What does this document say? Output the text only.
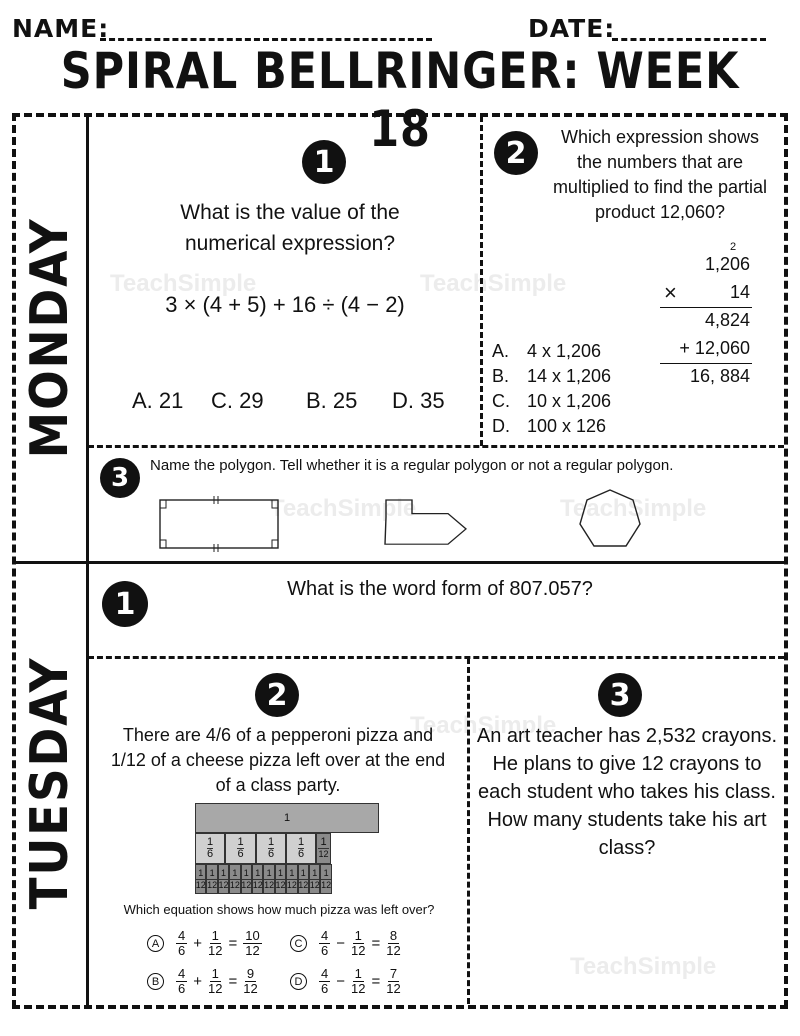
TeachSimple	TeachSimple
TeachSimple	TeachSimple
TeachSimple
TeachSimple
NAME:	DATE:
SPIRAL BELLRINGER: WEEK 18
MONDAY
TUESDAY
1
What is the value of the numerical expression?
3 × (4 + 5) + 16 ÷ (4 − 2)
A. 21 C. 29 B. 25 D. 35
2	Which expression shows the numbers that are multiplied to find the partial product 12,060?
2
1,206
×	14
4,824
+ 12,060
16, 884
A. 4 x 1,206
B. 14 x 1,206
C. 10 x 1,206
D. 100 x 126
3	Name the polygon. Tell whether it is a regular polygon or not a regular polygon.
1	What is the word form of 807.057?
2
There are 4/6 of a pepperoni pizza and 1/12 of a cheese pizza left over at the end of a class party.
1
$\frac{1}{6} \frac{1}{6} \frac{1}{6} \frac{1}{6} 1$
12
$\frac{1}{12} \frac{1}{12} \frac{1}{12} \frac{1}{12} \frac{1}{12} \frac{1}{12} \frac{1}{12} \frac{1}{12} \frac{1}{12} \frac{1}{12} \frac{1}{12} \frac{1}{12}$
Which equation shows how much pizza was left over?
A	$\frac{4}{6} + \frac{1}{12} = \frac{10}{12}$	C	$\frac{4}{6} - \frac{1}{12} = \frac{8}{12}$
B	$\frac{4}{6} + \frac{1}{12} = \frac{9}{12}$	D	$\frac{4}{6} - \frac{1}{12} = \frac{7}{12}$
3
An art teacher has 2,532 crayons. He plans to give 12 crayons to each student who takes his class. How many students take his art class?
